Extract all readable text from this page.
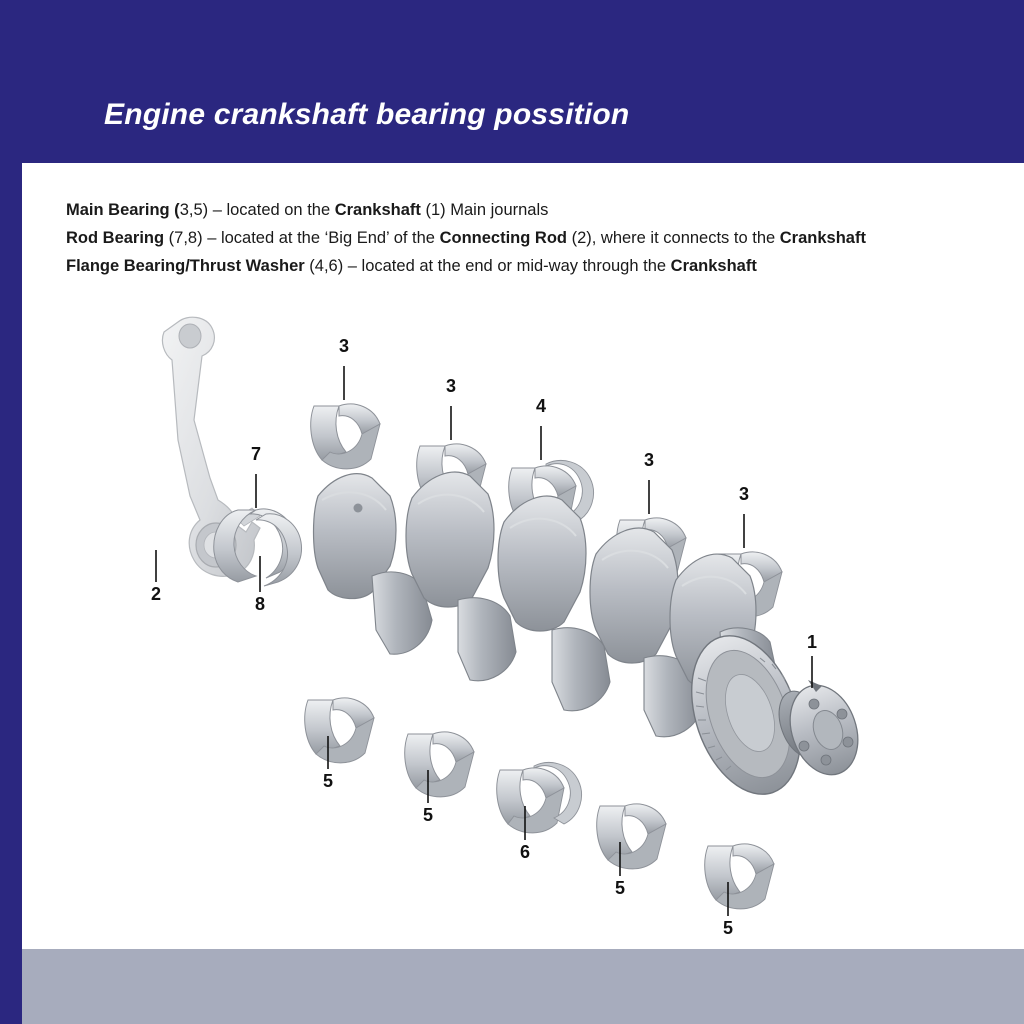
Engine crankshaft bearing possition
Main Bearing (3,5) – located on the Crankshaft (1) Main journals
Rod Bearing (7,8) – located at the ‘Big End’ of the Connecting Rod (2), where it connects to the Crankshaft
Flange Bearing/Thrust Washer (4,6) – located at the end or mid-way through the Crankshaft
3
3
4
7	3
3
2	8
1
5
5
6
5
5
